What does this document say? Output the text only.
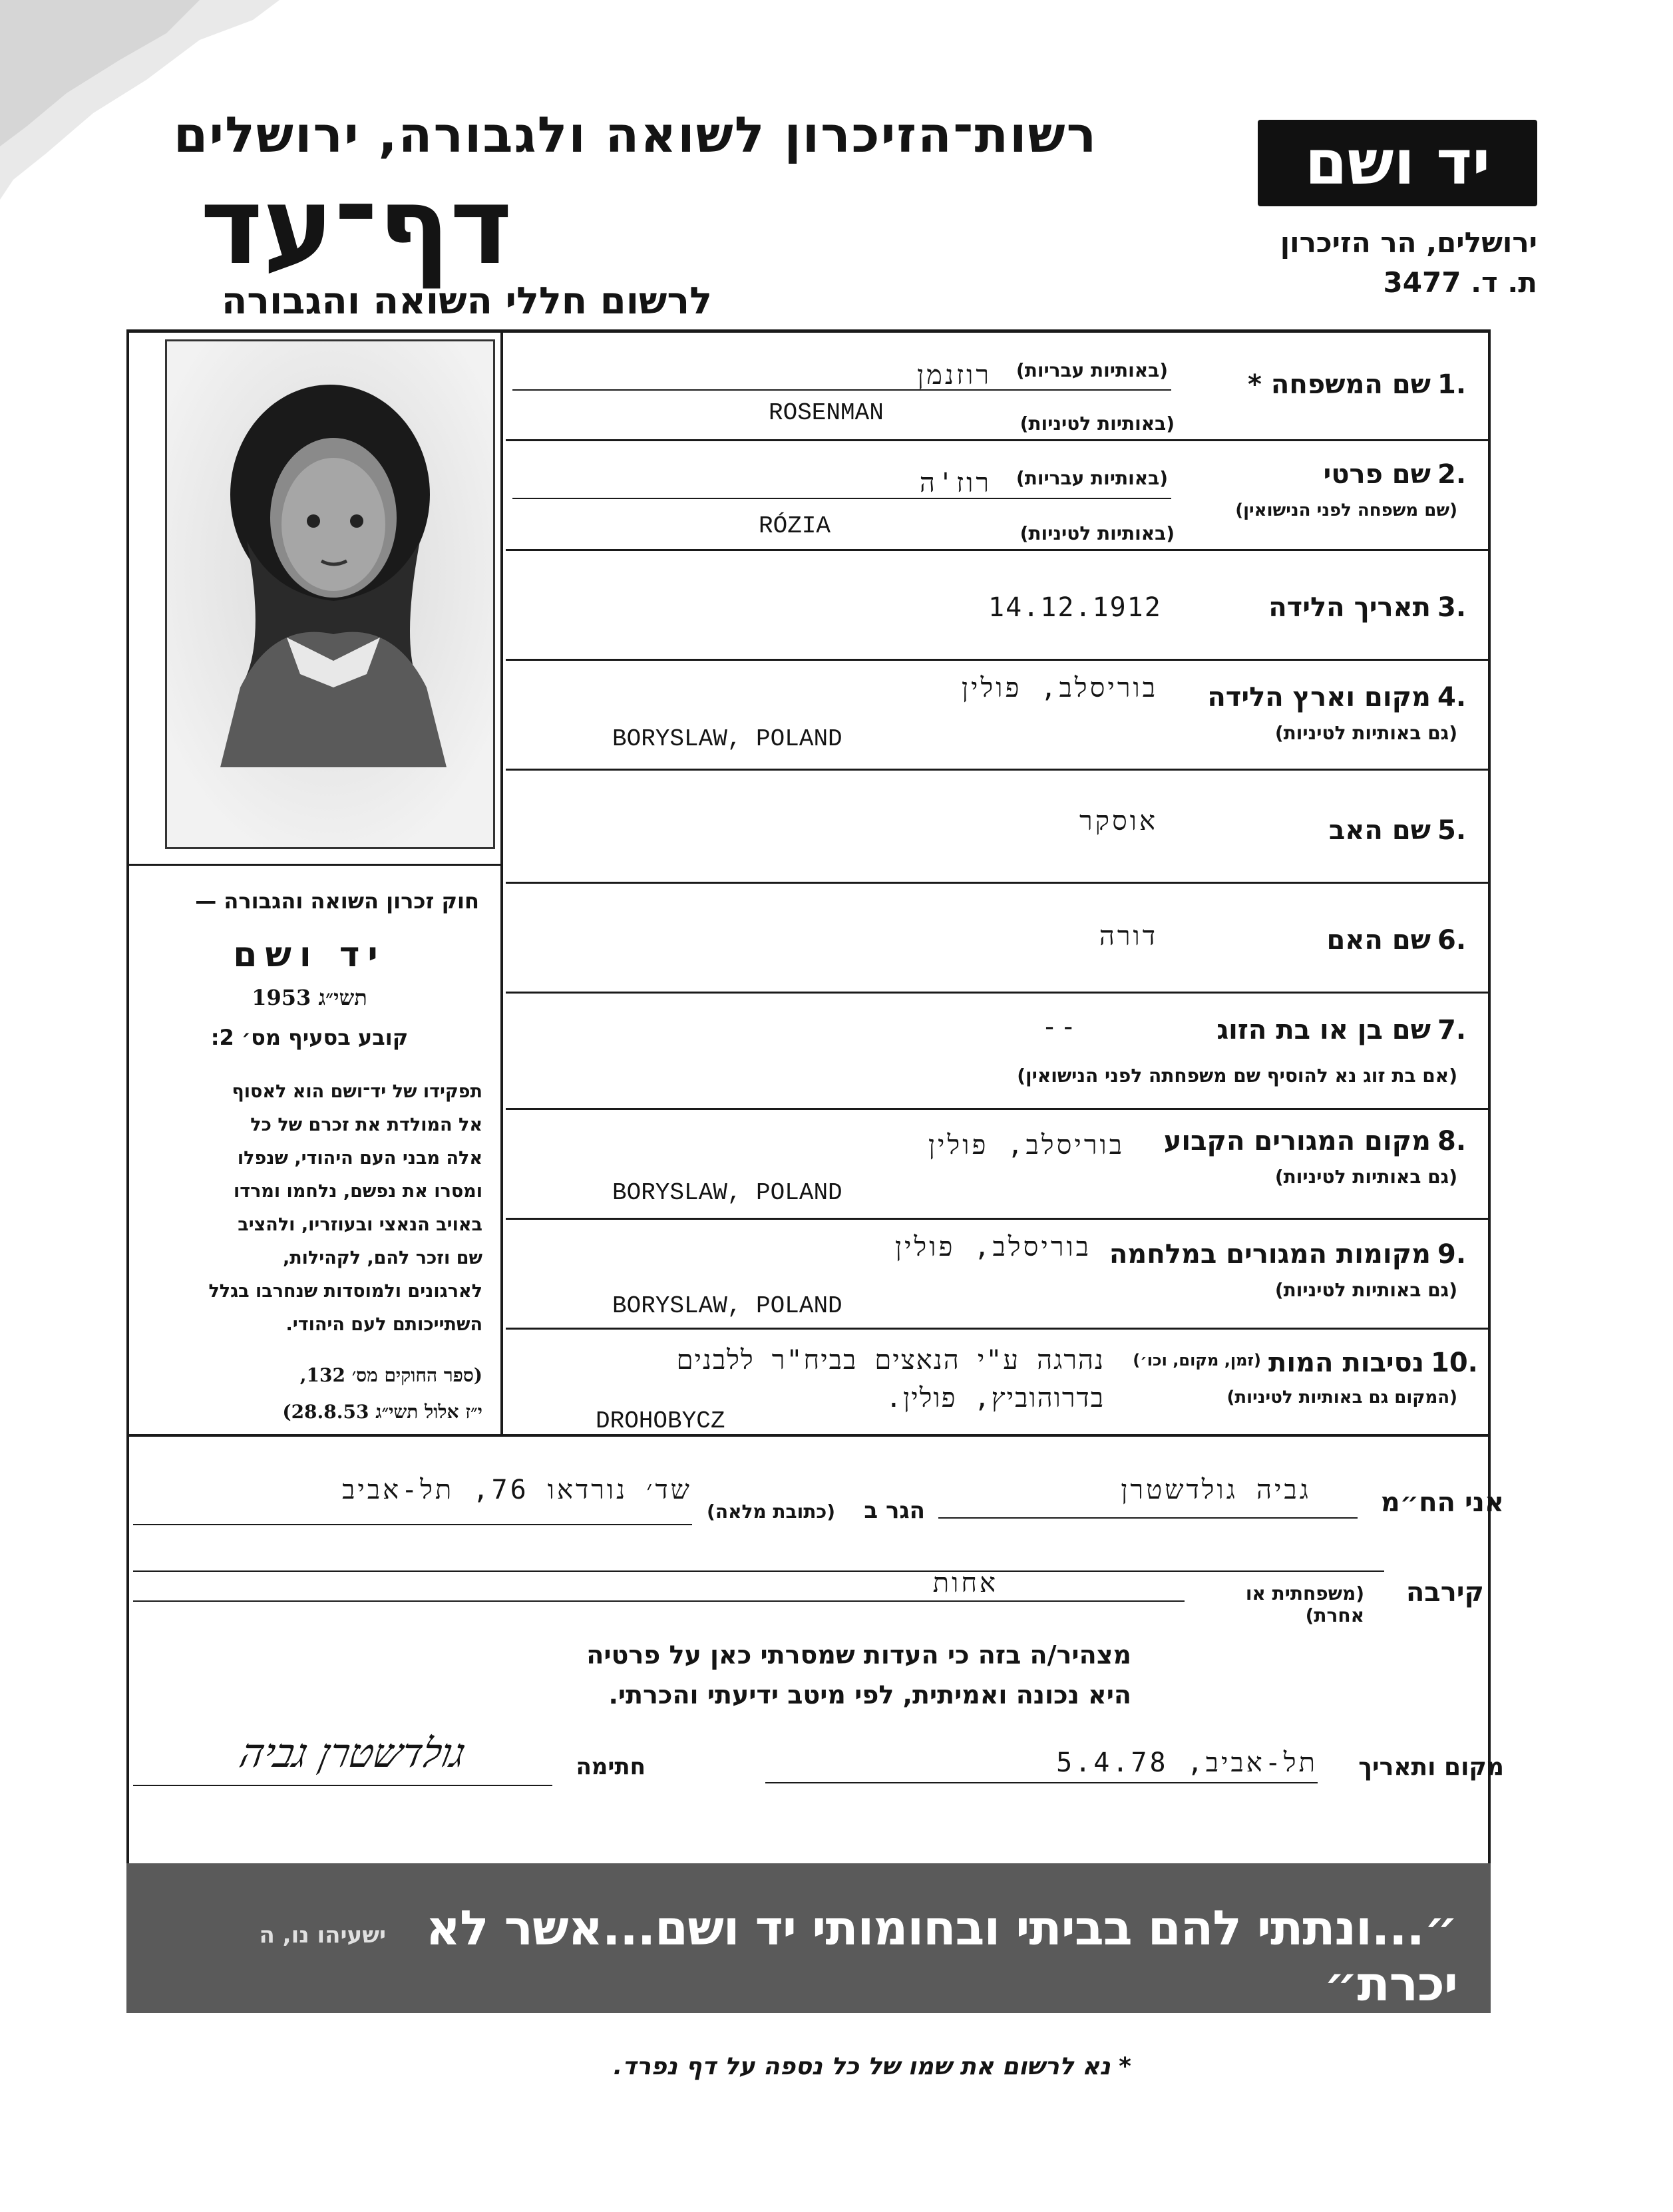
רשות־הזיכרון לשואה ולגבורה, ירושלים
דף־עד
לרשום חללי השואה והגבורה
יד ושם
ירושלים, הר הזיכרון
ת. ד. 3477
חוק זכרון השואה והגבורה —
יד ושם
תשי״ג 1953
קובע בסעיף מס׳ 2:
תפקידו של יד־ושם הוא לאסוף
אל המולדת את זכרם של כל
אלה מבני העם היהודי, שנפלו
ומסרו את נפשם, נלחמו ומרדו
באויב הנאצי ובעוזריו, ולהציב
שם וזכר להם, לקהילות,
לארגונים ולמוסדות שנחרבו בגלל
השתייכותם לעם היהודי.
(ספר החוקים מס׳ 132,
י״ז אלול תשי״ג 28.8.53)
1.
שם המשפחה *
(באותיות עבריות)
רוזנמן
ROSENMAN	(באותיות לטיניות)
2.
שם פרטי
(שם משפחה לפני הנישואין)
(באותיות עבריות)
רוז'ה
RÓZIA	(באותיות לטיניות)
3.
תאריך הלידה
14.12.1912
4.
מקום וארץ הלידה
(גם באותיות לטיניות)
בוריסלב, פולין
BORYSLAW, POLAND
5.
שם האב
אוסקר
6.
שם האם
דורה
7.
שם בן או בת הזוג
--
(אם בת זוג נא להוסיף שם משפחתה לפני הנישואין)
8.
מקום המגורים הקבוע
(גם באותיות לטיניות)
בוריסלב, פולין
BORYSLAW, POLAND
9.
מקומות המגורים במלחמה
(גם באותיות לטיניות)
בוריסלב, פולין
BORYSLAW, POLAND
10.
נסיבות המות
(זמן, מקום, וכו׳)
(המקום גם באותיות לטיניות)
נהרגה ע"י הנאצים בביח"ר ללבנים
בדרוהוביץ, פולין.
DROHOBYCZ
אני הח״מ
גביה גולדשטרן
הגר ב
(כתובת מלאה)
שד׳ נורדאו 76, תל-אביב
קירבה
(משפחתית או אחרת)
אחות
מצהיר/ה בזה כי העדות שמסרתי כאן על פרטיה
היא נכונה ואמיתית, לפי מיטב ידיעתי והכרתי.
מקום ותאריך
תל-אביב, 5.4.78
חתימה
גולדשטרן גביה
״...ונתתי להם בביתי ובחומותי יד ושם...אשר לא יכרת״
ישעיהו נו, ה
* נא לרשום את שמו של כל נספה על דף נפרד.
